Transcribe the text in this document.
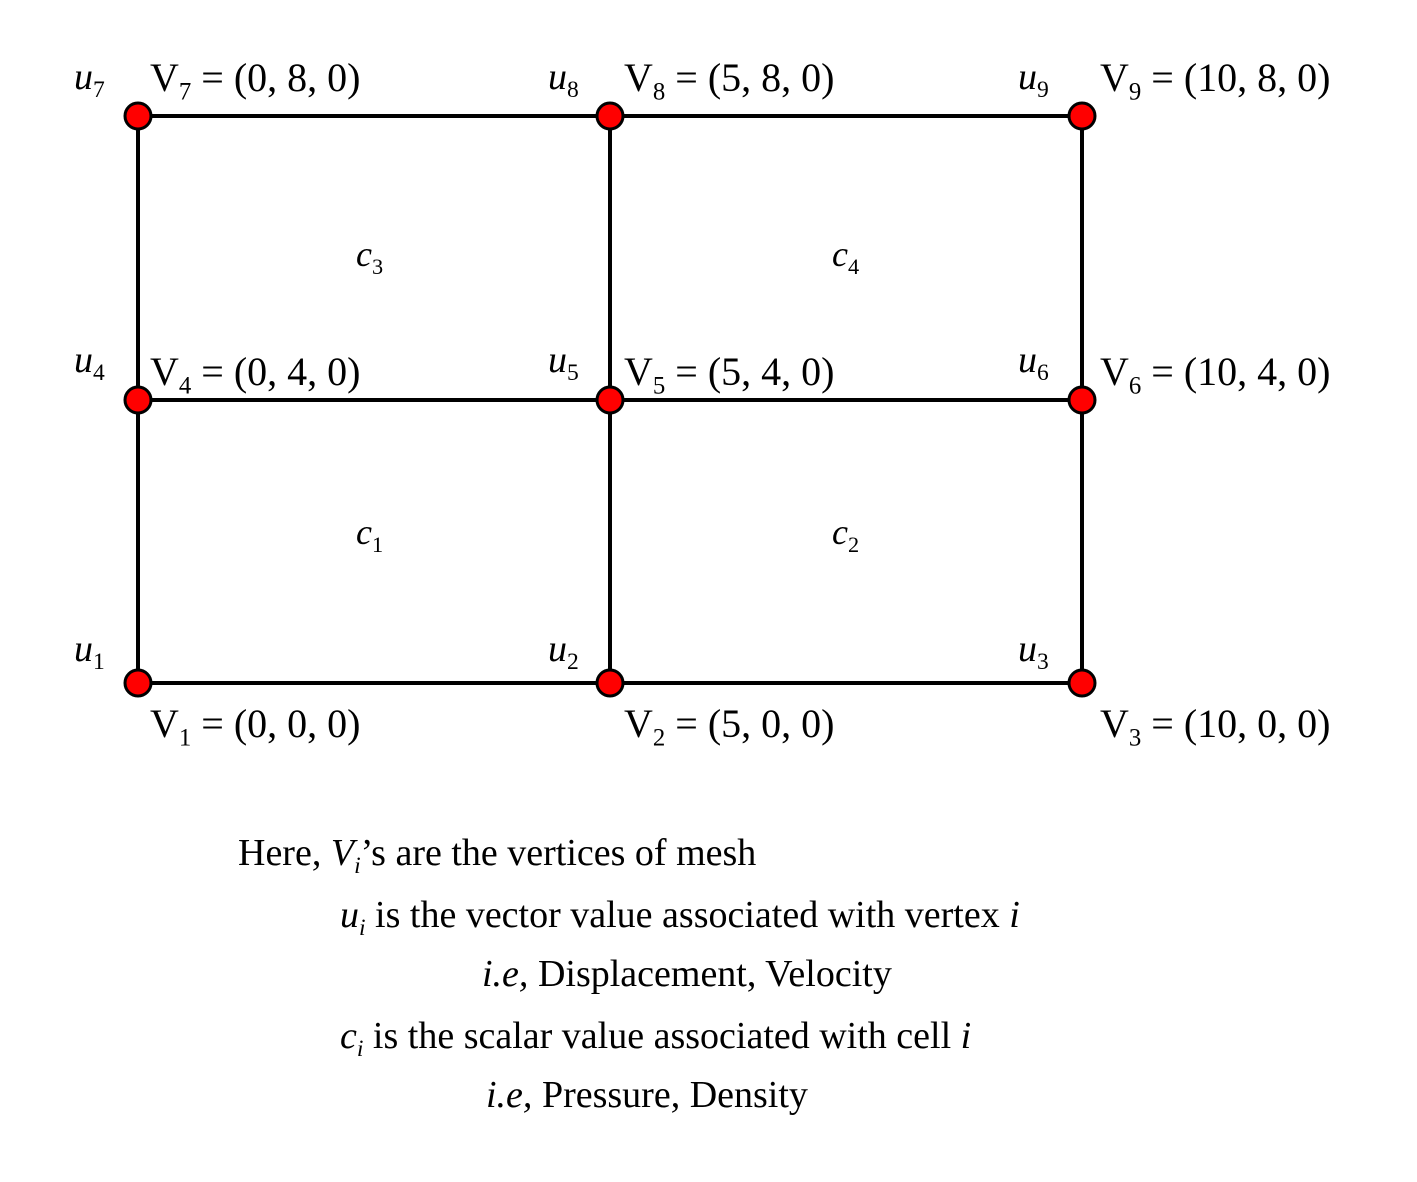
$u_7$	$u_8$	$u_9$
$u_4$	$u_5$	$u_6$
$u_1$	$u_2$	$u_3$
$V_7 = (0$, 8, 0)	$V_8 = (5$, 8, 0)	$V_9 = (10$, 8, 0)
$V_4 = (0$, 4, 0)	$V_5 = (5$, 4, 0)	$V_6 = (10$, 4, 0)
$V_1 = (0$, 0, 0)	$V_2 = (5$, 0, 0)	$V_3 = (10$, 0, 0)
$c_3$	$c_4$
$c_1$	$c_2$
Here, $V_i’s$ are the vertices of mesh
$u_i$ is the vector value associated with vertex i
i.e, Displacement, Velocity
$c_i$ is the scalar value associated with cell i
i.e, Pressure, Density
